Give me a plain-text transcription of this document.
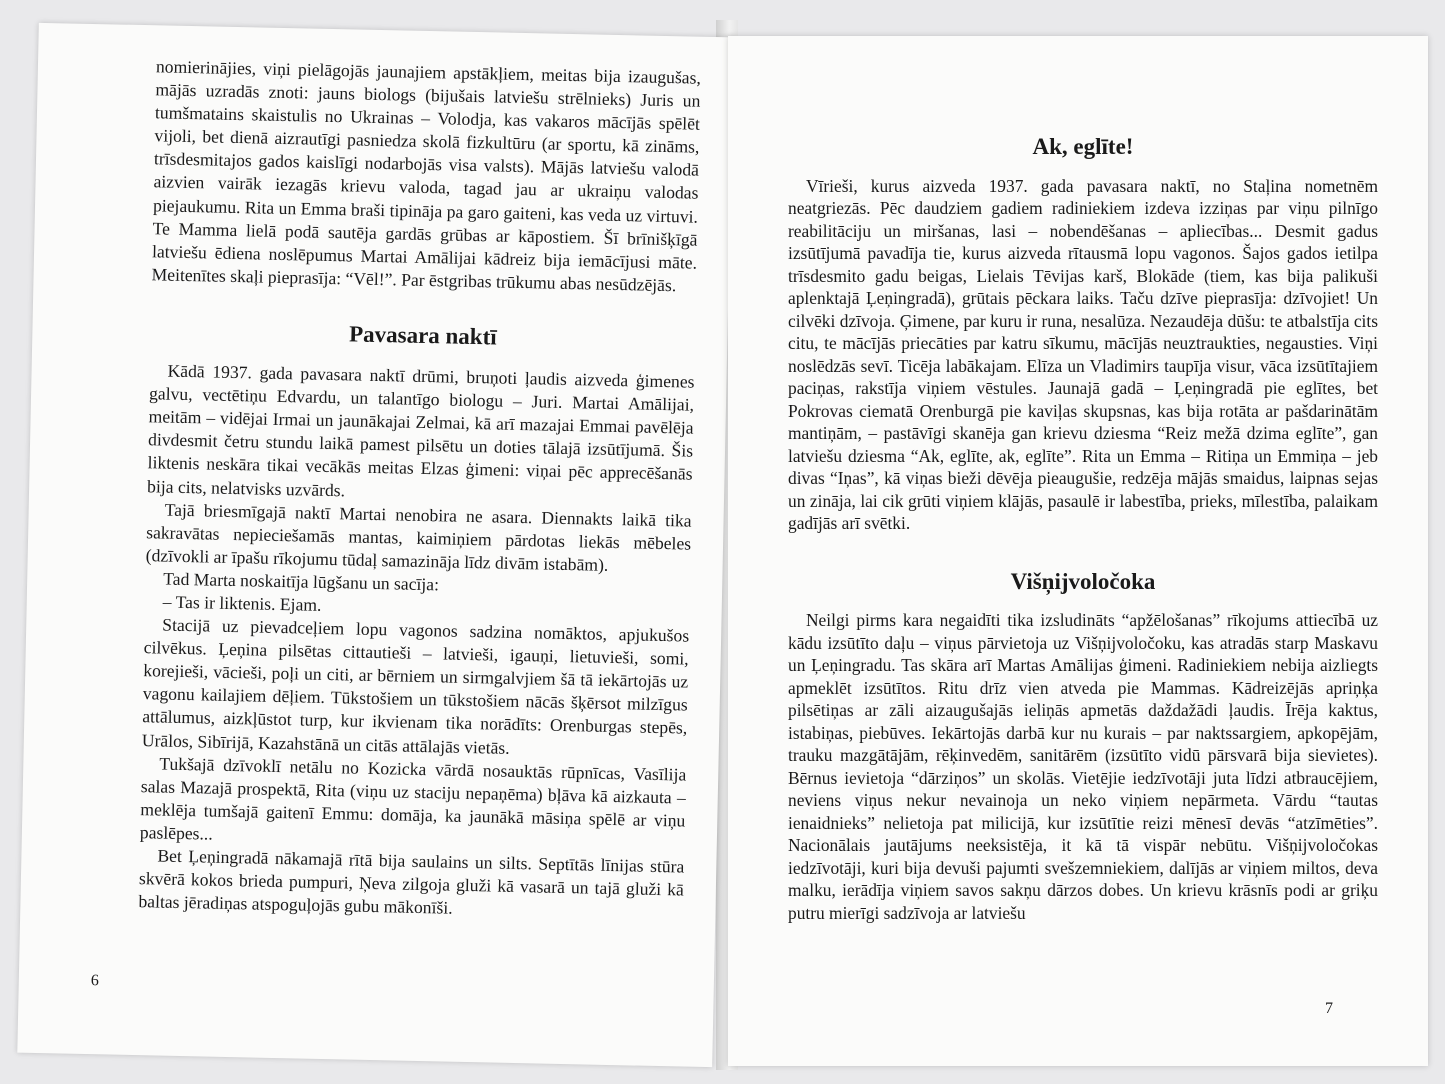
nomierinājies, viņi pielāgojās jaunajiem apstākļiem, meitas bija izaugušas, mājās uzradās znoti: jauns biologs (bijušais latviešu strēlnieks) Juris un tumšmatains skaistulis no Ukrainas – Volodja, kas vakaros mācījās spēlēt vijoli, bet dienā aizrautīgi pasniedza skolā fizkultūru (ar sportu, kā zināms, trīsdesmitajos gados kaislīgi nodarbojās visa valsts). Mājās latviešu valodā aizvien vairāk iezagās krievu valoda, tagad jau ar ukraiņu valodas piejaukumu. Rita un Emma braši tipināja pa garo gaiteni, kas veda uz virtuvi. Te Mamma lielā podā sautēja gardās grūbas ar kāpostiem. Šī brīnišķīgā latviešu ēdiena noslēpumus Martai Amālijai kādreiz bija iemācījusi māte. Meitenītes skaļi pieprasīja: “Vēl!”. Par ēstgribas trūkumu abas nesūdzējās.

Pavasara naktī

Kādā 1937. gada pavasara naktī drūmi, bruņoti ļaudis aizveda ģimenes galvu, vectētiņu Edvardu, un talantīgo biologu – Juri. Martai Amālijai, meitām – vidējai Irmai un jaunākajai Zelmai, kā arī mazajai Emmai pavēlēja divdesmit četru stundu laikā pamest pilsētu un doties tālajā izsūtījumā. Šis liktenis neskāra tikai vecākās meitas Elzas ģimeni: viņai pēc apprecēšanās bija cits, nelatvisks uzvārds.

Tajā briesmīgajā naktī Martai nenobira ne asara. Diennakts laikā tika sakravātas nepieciešamās mantas, kaimiņiem pārdotas liekās mēbeles (dzīvokli ar īpašu rīkojumu tūdaļ samazināja līdz divām istabām).

Tad Marta noskaitīja lūgšanu un sacīja:

– Tas ir liktenis. Ejam.

Stacijā uz pievadceļiem lopu vagonos sadzina nomāktos, apjukušos cilvēkus. Ļeņina pilsētas cittautieši – latvieši, igauņi, lietuvieši, somi, korejieši, vācieši, poļi un citi, ar bērniem un sirmgalvjiem šā tā iekārtojās uz vagonu kailajiem dēļiem. Tūkstošiem un tūkstošiem nācās šķērsot milzīgus attālumus, aizkļūstot turp, kur ikvienam tika norādīts: Orenburgas stepēs, Urālos, Sibīrijā, Kazahstānā un citās attālajās vietās.

Tukšajā dzīvoklī netālu no Kozicka vārdā nosauktās rūpnīcas, Vasīlija salas Mazajā prospektā, Rita (viņu uz staciju nepaņēma) bļāva kā aizkauta – meklēja tumšajā gaitenī Emmu: domāja, ka jaunākā māsiņa spēlē ar viņu paslēpes...

Bet Ļeņingradā nākamajā rītā bija saulains un silts. Septītās līnijas stūra skvērā kokos brieda pumpuri, Ņeva zilgoja gluži kā vasarā un tajā gluži kā baltas jēradiņas atspoguļojās gubu mākonīši.

6
Ak, eglīte!

Vīrieši, kurus aizveda 1937. gada pavasara naktī, no Staļina nometnēm neatgriezās. Pēc daudziem gadiem radiniekiem izdeva izziņas par viņu pilnīgo reabilitāciju un miršanas, lasi – nobendēšanas – apliecības... Desmit gadus izsūtījumā pavadīja tie, kurus aizveda rītausmā lopu vagonos. Šajos gados ietilpa trīsdesmito gadu beigas, Lielais Tēvijas karš, Blokāde (tiem, kas bija palikuši aplenktajā Ļeņingradā), grūtais pēckara laiks. Taču dzīve pieprasīja: dzīvojiet! Un cilvēki dzīvoja. Ģimene, par kuru ir runa, nesalūza. Nezaudēja dūšu: te atbalstīja cits citu, te mācījās priecāties par katru sīkumu, mācījās neuztraukties, negausties. Viņi noslēdzās sevī. Ticēja labākajam. Elīza un Vladimirs taupīja visur, vāca izsūtītajiem paciņas, rakstīja viņiem vēstules. Jaunajā gadā – Ļeņingradā pie eglītes, bet Pokrovas ciematā Orenburgā pie kaviļas skupsnas, kas bija rotāta ar pašdarinātām mantiņām, – pastāvīgi skanēja gan krievu dziesma “Reiz mežā dzima eglīte”, gan latviešu dziesma “Ak, eglīte, ak, eglīte”. Rita un Emma – Ritiņa un Emmiņa – jeb divas “Iņas”, kā viņas bieži dēvēja pieaugušie, redzēja mājās smaidus, laipnas sejas un zināja, lai cik grūti viņiem klājās, pasaulē ir labestība, prieks, mīlestība, palaikam gadījās arī svētki.

Višņijvoločoka

Neilgi pirms kara negaidīti tika izsludināts “apžēlošanas” rīkojums attiecībā uz kādu izsūtīto daļu – viņus pārvietoja uz Višņijvoločoku, kas atradās starp Maskavu un Ļeņingradu. Tas skāra arī Martas Amālijas ģimeni. Radiniekiem nebija aizliegts apmeklēt izsūtītos. Ritu drīz vien atveda pie Mammas. Kādreizējās apriņķa pilsētiņas ar zāli aizaugušajās ieliņās apmetās daždažādi ļaudis. Īrēja kaktus, istabiņas, piebūves. Iekārtojās darbā kur nu kurais – par naktssargiem, apkopējām, trauku mazgātājām, rēķinvedēm, sanitārēm (izsūtīto vidū pārsvarā bija sievietes). Bērnus ievietoja “dārziņos” un skolās. Vietējie iedzīvotāji juta līdzi atbraucējiem, neviens viņus nekur nevainoja un neko viņiem nepārmeta. Vārdu “tautas ienaidnieks” nelietoja pat milicijā, kur izsūtītie reizi mēnesī devās “atzīmēties”. Nacionālais jautājums neeksistēja, it kā tā vispār nebūtu. Višņijvoločokas iedzīvotāji, kuri bija devuši pajumti svešzemniekiem, dalījās ar viņiem miltos, deva malku, ierādīja viņiem savos sakņu dārzos dobes. Un krievu krāsnīs podi ar griķu putru mierīgi sadzīvoja ar latviešu

7
